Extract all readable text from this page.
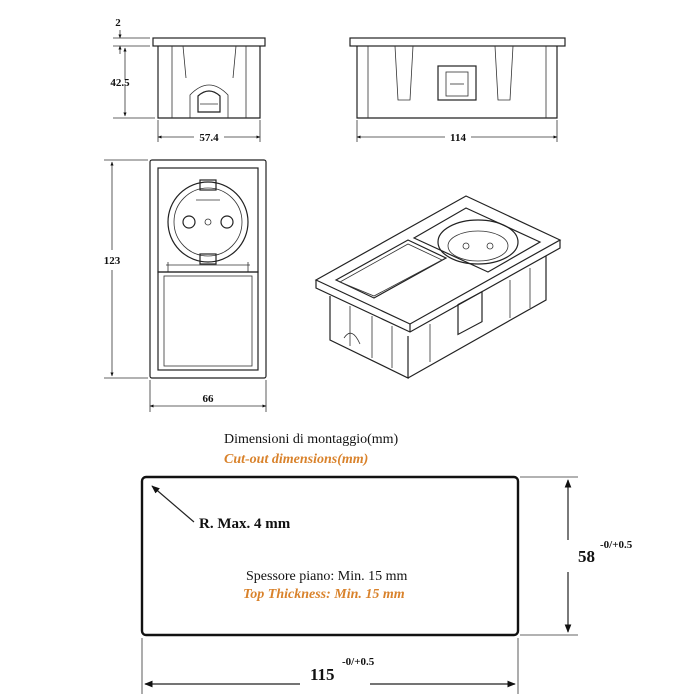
2
42.5
57.4	114
123
66
Dimensioni di montaggio(mm)
Cut-out dimensions(mm)
R. Max. 4 mm
Spessore piano: Min. 15 mm
Top Thickness: Min. 15 mm
58
-0/+0.5
115
-0/+0.5
